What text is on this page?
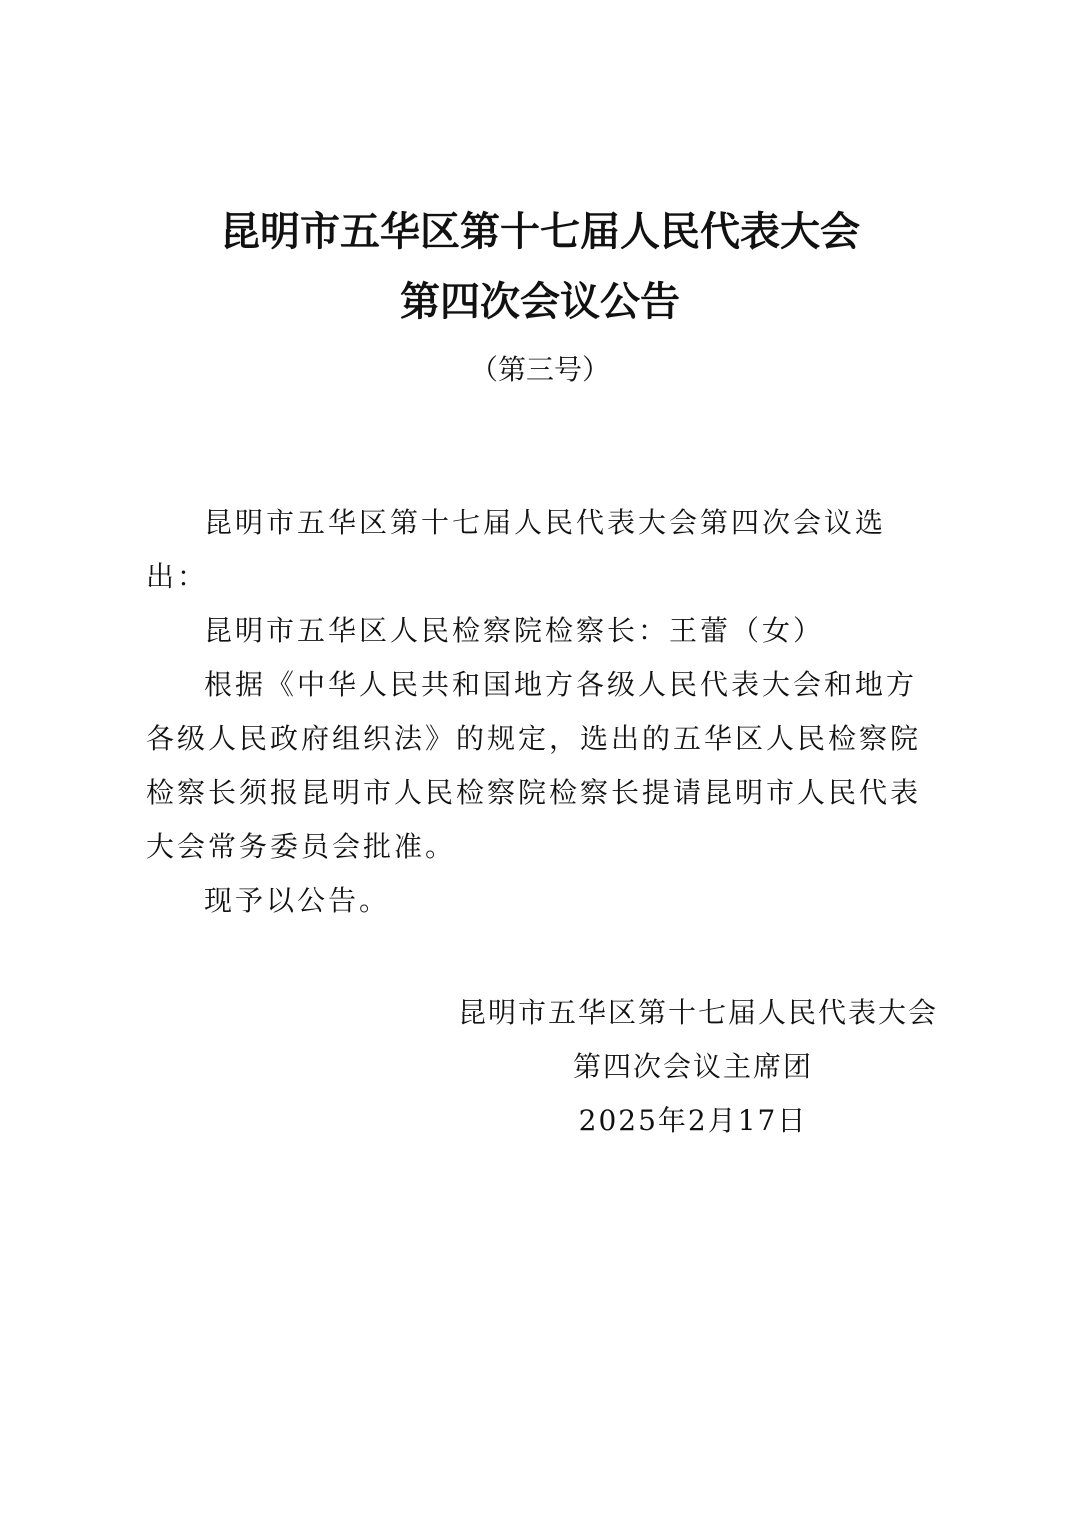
昆明市五华区第十七届人民代表大会
第四次会议公告
（第三号）

昆明市五华区第十七届人民代表大会第四次会议选出：

昆明市五华区人民检察院检察长：王蕾（女）

根据《中华人民共和国地方各级人民代表大会和地方各级人民政府组织法》的规定，选出的五华区人民检察院检察长须报昆明市人民检察院检察长提请昆明市人民代表大会常务委员会批准。

现予以公告。

昆明市五华区第十七届人民代表大会
第四次会议主席团
2025年2月17日
